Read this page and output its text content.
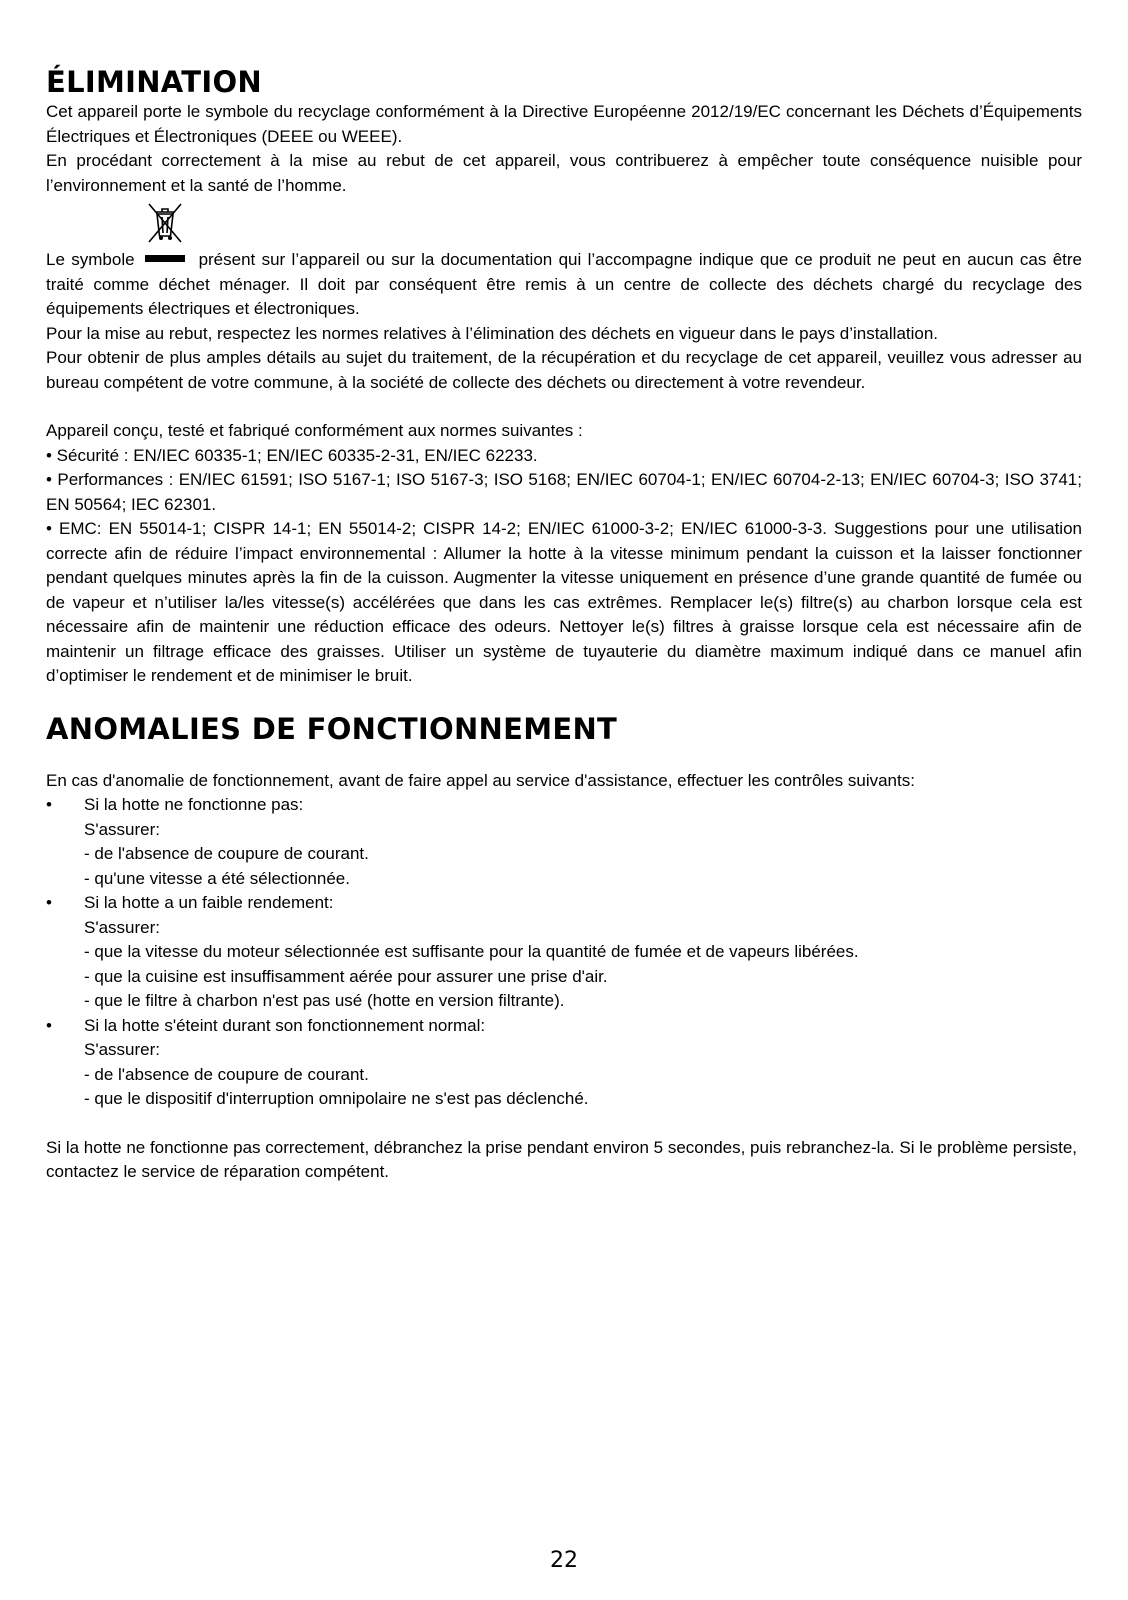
ÉLIMINATION

Cet appareil porte le symbole du recyclage conformément à la Directive Européenne 2012/19/EC concernant les Déchets d’Équipements Électriques et Électroniques (DEEE ou WEEE).

En procédant correctement à la mise au rebut de cet appareil, vous contribuerez à empêcher toute conséquence nuisible pour l’environnement et la santé de l’homme.

Le symbole	présent sur l’appareil ou sur la documentation qui l’accompagne indique que ce produit ne peut en aucun cas être traité comme déchet ménager. Il doit par conséquent être remis à un centre de collecte des déchets chargé du recyclage des équipements électriques et électroniques.

Pour la mise au rebut, respectez les normes relatives à l’élimination des déchets en vigueur dans le pays d’installation.

Pour obtenir de plus amples détails au sujet du traitement, de la récupération et du recyclage de cet appareil, veuillez vous adresser au bureau compétent de votre commune, à la société de collecte des déchets ou directement à votre revendeur.

Appareil conçu, testé et fabriqué conformément aux normes suivantes :

• Sécurité : EN/IEC 60335-1; EN/IEC 60335-2-31, EN/IEC 62233.

• Performances : EN/IEC 61591; ISO 5167-1; ISO 5167-3; ISO 5168; EN/IEC 60704-1; EN/IEC 60704-2-13; EN/IEC 60704-3; ISO 3741; EN 50564; IEC 62301.

• EMC: EN 55014-1; CISPR 14-1; EN 55014-2; CISPR 14-2; EN/IEC 61000-3-2; EN/IEC 61000-3-3. Suggestions pour une utilisation correcte afin de réduire l’impact environnemental : Allumer la hotte à la vitesse minimum pendant la cuisson et la laisser fonctionner pendant quelques minutes après la fin de la cuisson. Augmenter la vitesse uniquement en présence d’une grande quantité de fumée ou de vapeur et n’utiliser la/les vitesse(s) accélérées que dans les cas extrêmes. Remplacer le(s) filtre(s) au charbon lorsque cela est nécessaire afin de maintenir une réduction efficace des odeurs. Nettoyer le(s) filtres à graisse lorsque cela est nécessaire afin de maintenir un filtrage efficace des graisses. Utiliser un système de tuyauterie du diamètre maximum indiqué dans ce manuel afin d’optimiser le rendement et de minimiser le bruit.

ANOMALIES DE FONCTIONNEMENT

En cas d'anomalie de fonctionnement, avant de faire appel au service d'assistance, effectuer les contrôles suivants:

• Si la hotte ne fonctionne pas:
S'assurer:
- de l'absence de coupure de courant.
- qu'une vitesse a été sélectionnée.
• Si la hotte a un faible rendement:
S'assurer:
- que la vitesse du moteur sélectionnée est suffisante pour la quantité de fumée et de vapeurs libérées.
- que la cuisine est insuffisamment aérée pour assurer une prise d'air.
- que le filtre à charbon n'est pas usé (hotte en version filtrante).
• Si la hotte s'éteint durant son fonctionnement normal:
S'assurer:
- de l'absence de coupure de courant.
- que le dispositif d'interruption omnipolaire ne s'est pas déclenché.

Si la hotte ne fonctionne pas correctement, débranchez la prise pendant environ 5 secondes, puis rebranchez-la. Si le problème persiste, contactez le service de réparation compétent.

22
